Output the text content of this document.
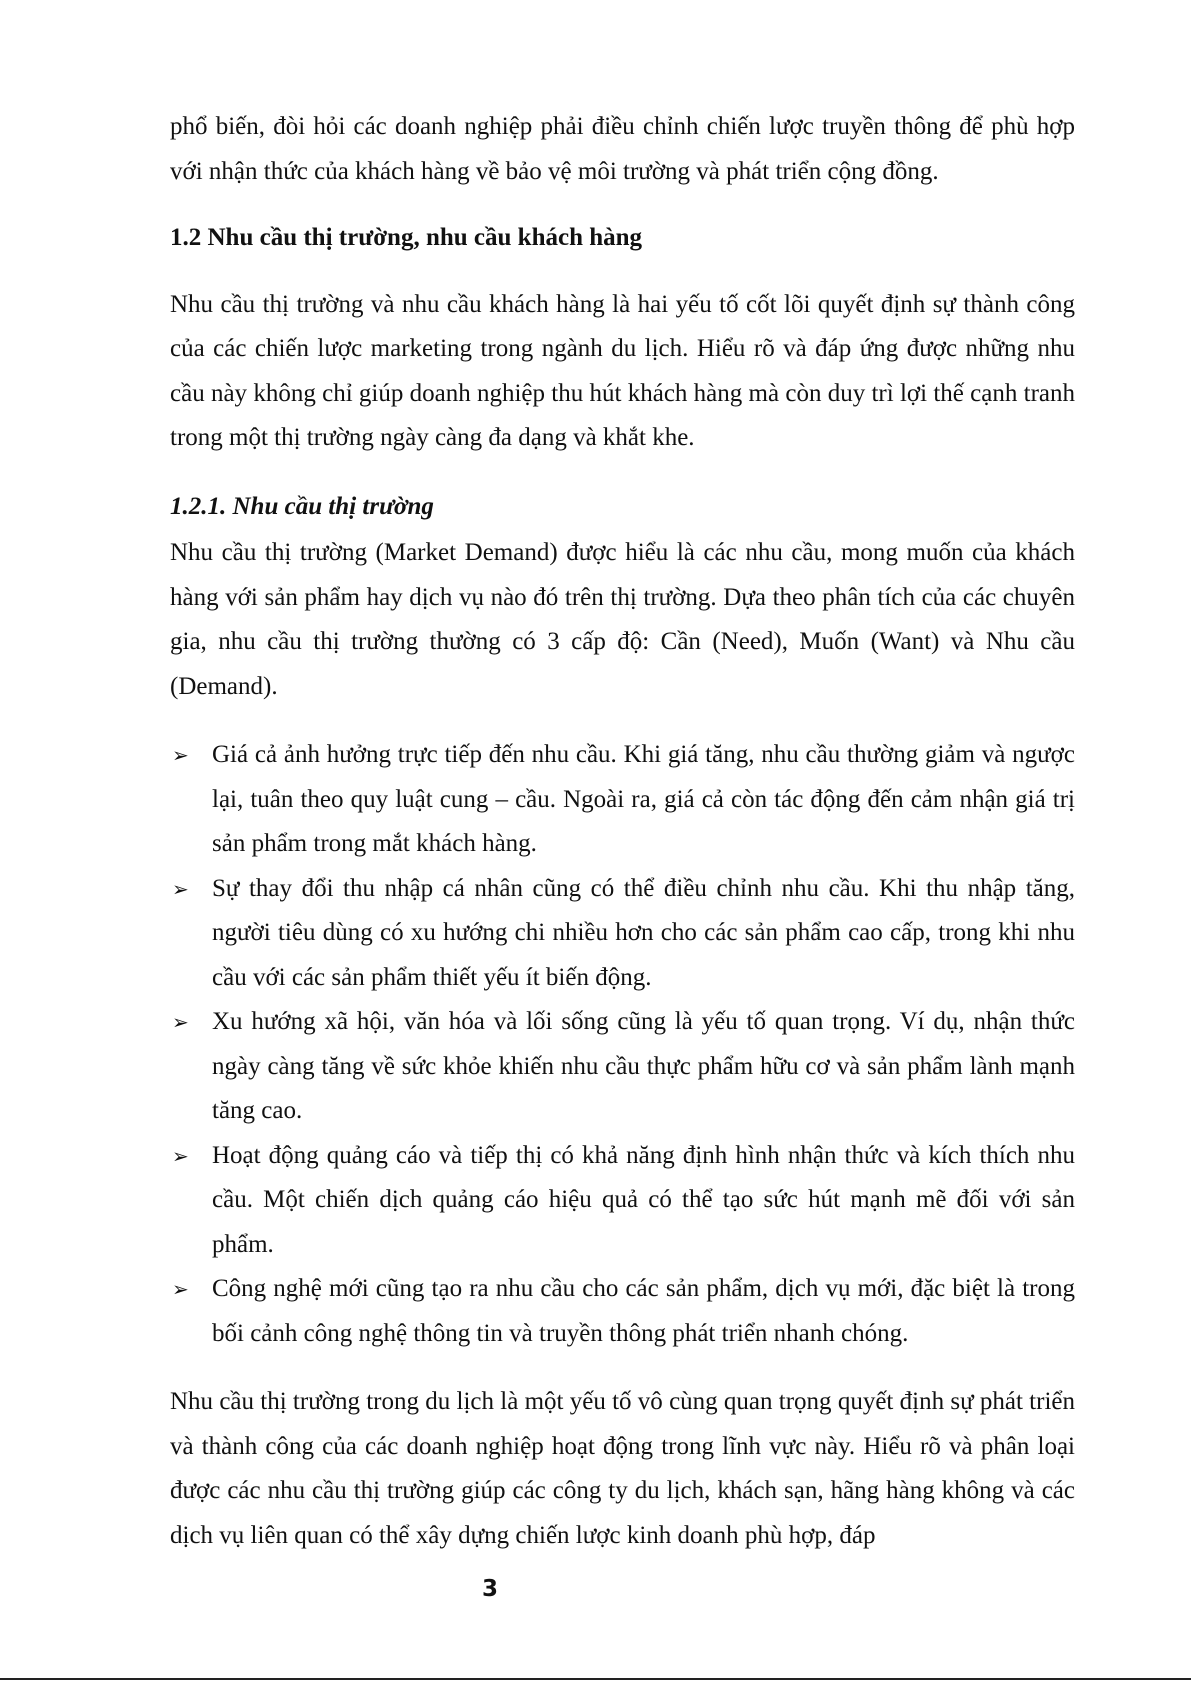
phổ biến, đòi hỏi các doanh nghiệp phải điều chỉnh chiến lược truyền thông để phù hợp với nhận thức của khách hàng về bảo vệ môi trường và phát triển cộng đồng.

1.2 Nhu cầu thị trường, nhu cầu khách hàng

Nhu cầu thị trường và nhu cầu khách hàng là hai yếu tố cốt lõi quyết định sự thành công của các chiến lược marketing trong ngành du lịch. Hiểu rõ và đáp ứng được những nhu cầu này không chỉ giúp doanh nghiệp thu hút khách hàng mà còn duy trì lợi thế cạnh tranh trong một thị trường ngày càng đa dạng và khắt khe.

1.2.1. Nhu cầu thị trường

Nhu cầu thị trường (Market Demand) được hiểu là các nhu cầu, mong muốn của khách hàng với sản phẩm hay dịch vụ nào đó trên thị trường. Dựa theo phân tích của các chuyên gia, nhu cầu thị trường thường có 3 cấp độ: Cần (Need), Muốn (Want) và Nhu cầu (Demand).

➢ Giá cả ảnh hưởng trực tiếp đến nhu cầu. Khi giá tăng, nhu cầu thường giảm và ngược lại, tuân theo quy luật cung – cầu. Ngoài ra, giá cả còn tác động đến cảm nhận giá trị sản phẩm trong mắt khách hàng.
➢ Sự thay đổi thu nhập cá nhân cũng có thể điều chỉnh nhu cầu. Khi thu nhập tăng, người tiêu dùng có xu hướng chi nhiều hơn cho các sản phẩm cao cấp, trong khi nhu cầu với các sản phẩm thiết yếu ít biến động.
➢ Xu hướng xã hội, văn hóa và lối sống cũng là yếu tố quan trọng. Ví dụ, nhận thức ngày càng tăng về sức khỏe khiến nhu cầu thực phẩm hữu cơ và sản phẩm lành mạnh tăng cao.
➢ Hoạt động quảng cáo và tiếp thị có khả năng định hình nhận thức và kích thích nhu cầu. Một chiến dịch quảng cáo hiệu quả có thể tạo sức hút mạnh mẽ đối với sản phẩm.
➢ Công nghệ mới cũng tạo ra nhu cầu cho các sản phẩm, dịch vụ mới, đặc biệt là trong bối cảnh công nghệ thông tin và truyền thông phát triển nhanh chóng.

Nhu cầu thị trường trong du lịch là một yếu tố vô cùng quan trọng quyết định sự phát triển và thành công của các doanh nghiệp hoạt động trong lĩnh vực này. Hiểu rõ và phân loại được các nhu cầu thị trường giúp các công ty du lịch, khách sạn, hãng hàng không và các dịch vụ liên quan có thể xây dựng chiến lược kinh doanh phù hợp, đáp

3
